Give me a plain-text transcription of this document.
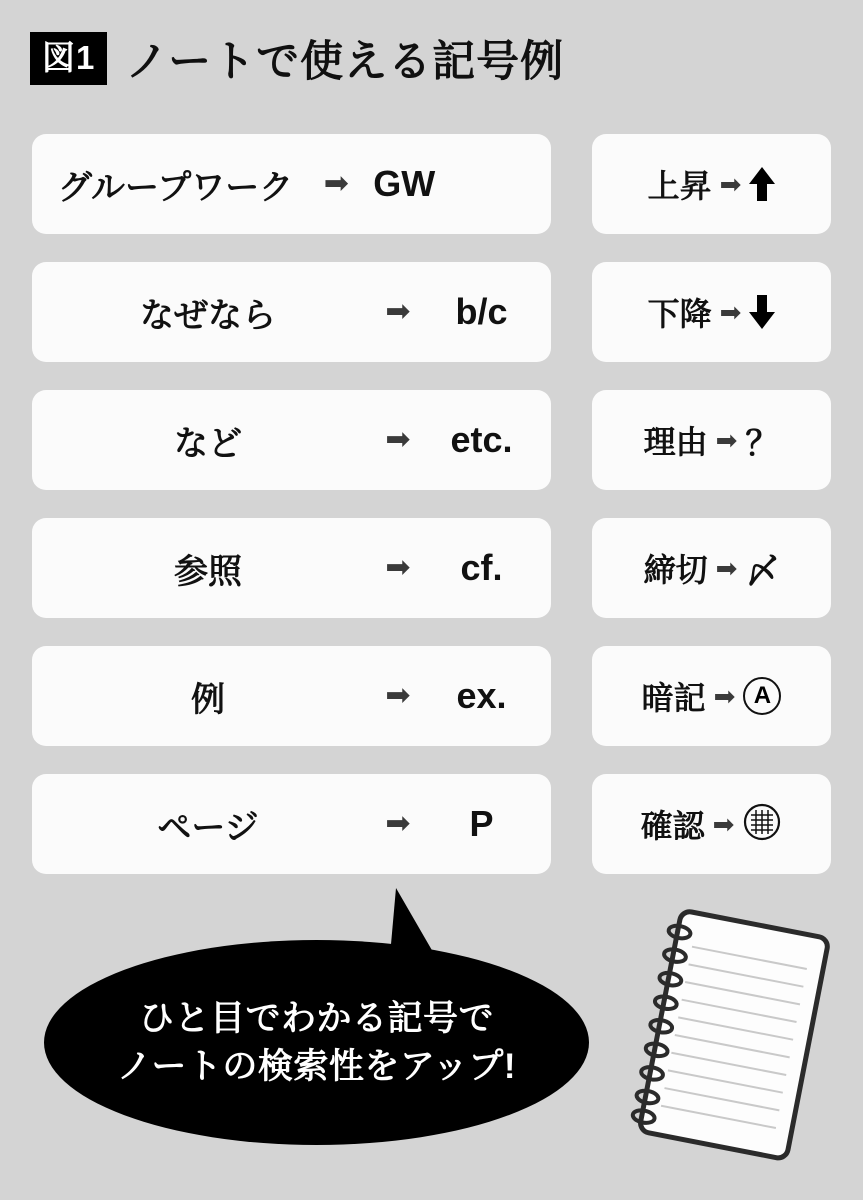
図1 ノートで使える記号例
グループワーク	➡ GW
なぜなら	➡	b/c
など	➡	etc.
参照	➡	cf.
例	➡	ex.
ページ	➡	P
上昇 ➡
下降 ➡
理由 ➡ ？
締切 ➡ 〆
暗記 ➡ A
確認 ➡
ひと目でわかる記号で
ノートの検索性をアップ!
